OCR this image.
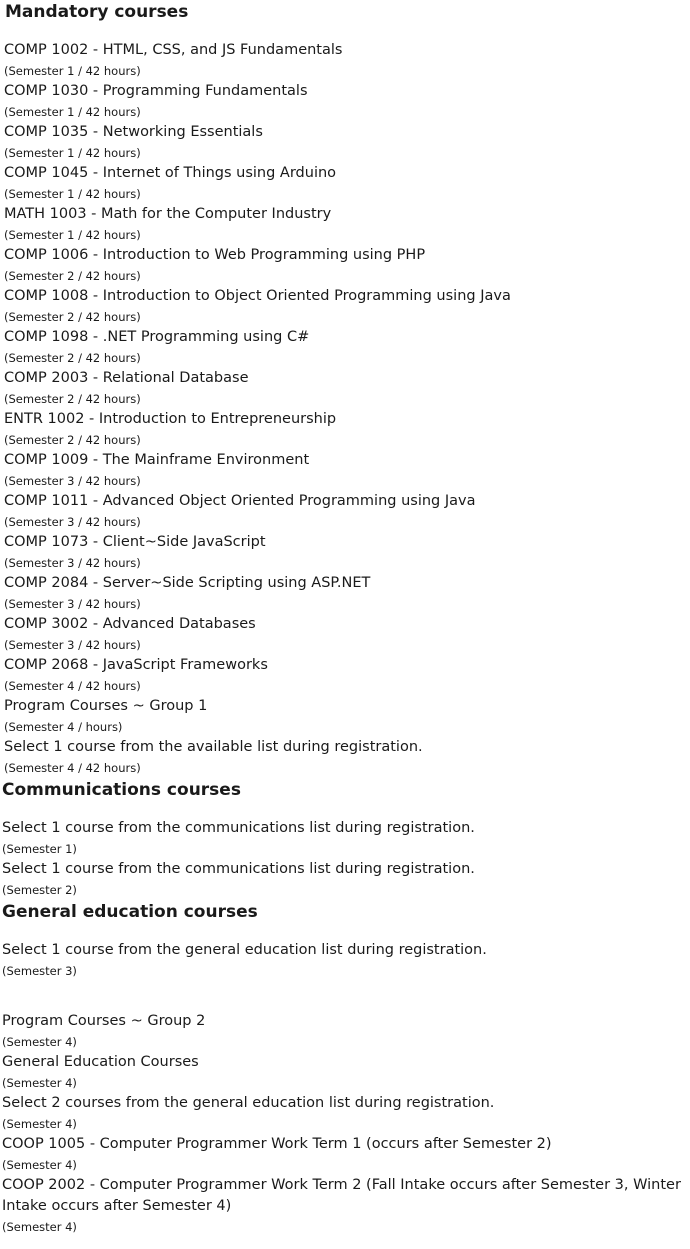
Mandatory courses
COMP 1002 - HTML, CSS, and JS Fundamentals
(Semester 1 / 42 hours)
COMP 1030 - Programming Fundamentals
(Semester 1 / 42 hours)
COMP 1035 - Networking Essentials
(Semester 1 / 42 hours)
COMP 1045 - Internet of Things using Arduino
(Semester 1 / 42 hours)
MATH 1003 - Math for the Computer Industry
(Semester 1 / 42 hours)
COMP 1006 - Introduction to Web Programming using PHP
(Semester 2 / 42 hours)
COMP 1008 - Introduction to Object Oriented Programming using Java
(Semester 2 / 42 hours)
COMP 1098 - .NET Programming using C#
(Semester 2 / 42 hours)
COMP 2003 - Relational Database
(Semester 2 / 42 hours)
ENTR 1002 - Introduction to Entrepreneurship
(Semester 2 / 42 hours)
COMP 1009 - The Mainframe Environment
(Semester 3 / 42 hours)
COMP 1011 - Advanced Object Oriented Programming using Java
(Semester 3 / 42 hours)
COMP 1073 - Client~Side JavaScript
(Semester 3 / 42 hours)
COMP 2084 - Server~Side Scripting using ASP.NET
(Semester 3 / 42 hours)
COMP 3002 - Advanced Databases
(Semester 3 / 42 hours)
COMP 2068 - JavaScript Frameworks
(Semester 4 / 42 hours)
Program Courses ~ Group 1
(Semester 4 / hours)
Select 1 course from the available list during registration.
(Semester 4 / 42 hours)
Communications courses
Select 1 course from the communications list during registration.
(Semester 1)
Select 1 course from the communications list during registration.
(Semester 2)
General education courses
Select 1 course from the general education list during registration.
(Semester 3)
Program Courses ~ Group 2
(Semester 4)
General Education Courses
(Semester 4)
Select 2 courses from the general education list during registration.
(Semester 4)
COOP 1005 - Computer Programmer Work Term 1 (occurs after Semester 2)
(Semester 4)
COOP 2002 - Computer Programmer Work Term 2 (Fall Intake occurs after Semester 3, Winter Intake occurs after Semester 4)
(Semester 4)
